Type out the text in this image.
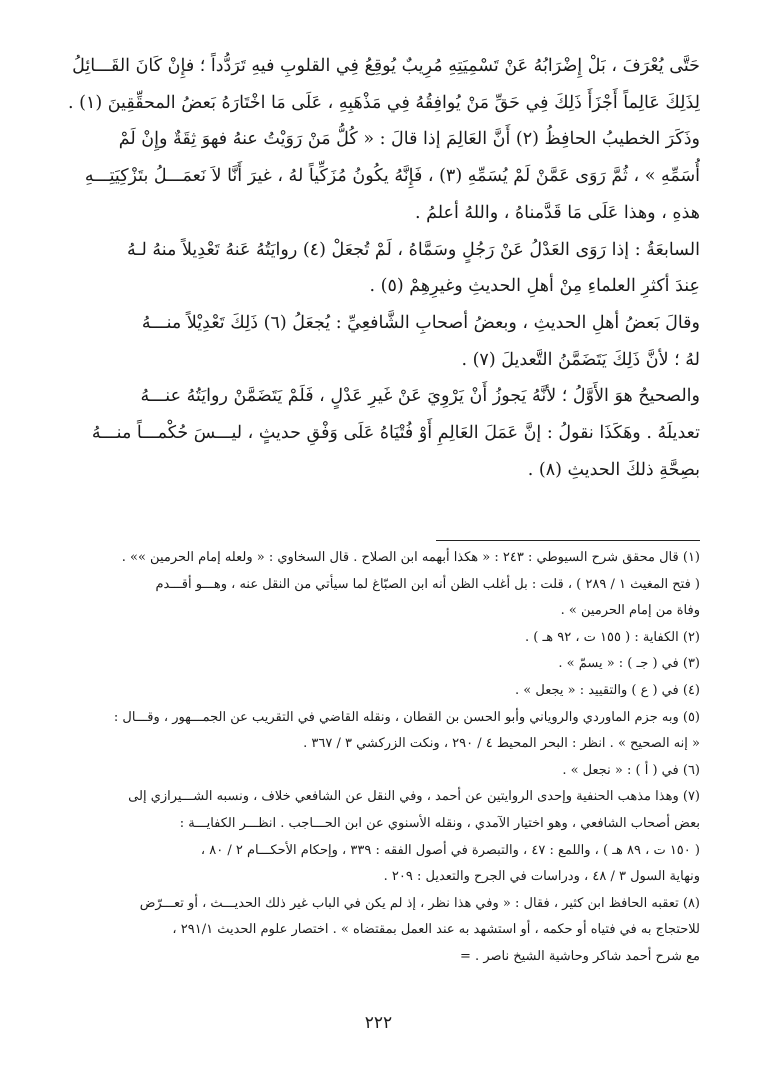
حَتَّى يُعْرَفَ ، بَلْ إِضْرَابُهُ عَنْ تَسْمِيَتِهِ مُرِيبٌ يُوقِعُ فِي القلوبِ فيهِ تَرَدُّداً ؛ فإِنْ كَانَ القَـــائِلُ
لِذَلِكَ عَالِماً أَجْزَأَ ذَلِكَ فِي حَقِّ مَنْ يُوافِقُهُ فِي مَذْهَبِهِ ، عَلَى مَا اخْتَارَهُ بَعضُ المحقِّقِينَ (١) .
وذَكَرَ الخطيبُ الحافِظُ (٢) أَنَّ العَالِمَ إذا قالَ : « كُلُّ مَنْ رَوَيْتُ عنهُ فهوَ ثِقَةٌ وإِنْ لَمْ
أُسَمِّهِ » ، ثُمَّ رَوَى عَمَّنْ لَمْ يُسَمِّهِ (٣) ، فَإِنَّهُ يكُونُ مُزَكِّياً لهُ ، غيرَ أَنَّا لاَ نَعمَـــلُ بتَزْكِيَتِـــهِ
هذهِ ، وهذا عَلَى مَا قَدَّمناهُ ، واللهُ أعلمُ .
السابعَةُ : إذا رَوَى العَدْلُ عَنْ رَجُلٍ وسَمَّاهُ ، لَمْ تُجعَلْ (٤) روايَتُهُ عَنهُ تَعْدِيلاً منهُ لـهُ
عِندَ أكثرِ العلماءِ مِنْ أهلِ الحديثِ وغيرِهِمْ (٥) .
وقالَ بَعضُ أهلِ الحديثِ ، وبعضُ أصحابِ الشَّافعِيِّ : يُجعَلُ (٦) ذَلِكَ تَعْدِيْلاً منـــهُ
لهُ ؛ لأنَّ ذَلِكَ يَتَضَمَّنُ التَّعديلَ (٧) .
والصحيحُ هوَ الأَوَّلُ ؛ لأنَّهُ يَجوزُ أَنْ يَرْوِيَ عَنْ غَيرِ عَدْلٍ ، فَلَمْ يَتَضَمَّنْ روايَتُهُ عنـــهُ
تعديلَهُ . وهَكَذَا نقولُ : إنَّ عَمَلَ العَالِمِ أَوْ فُتْيَاهُ عَلَى وَفْقِ حديثٍ ، ليـــسَ حُكْمـــاً منـــهُ
بصِحَّةِ ذلكَ الحديثِ (٨) .
(١) قال محقق شرح السيوطي : ٢٤٣ : « هكذا أبهمه ابن الصلاح . قال السخاوي : « ولعله إمام الحرمين »» .
( فتح المغيث ١ / ٢٨٩ ) ، قلت : بل أغلب الظن أنه ابن الصبّاغ لما سيأتي من النقل عنه ، وهـــو أقـــدم
وفاة من إمام الحرمين » .
(٢) الكفاية : ( ١٥٥ ت ، ٩٢ هـ ) .
(٣) في ( جـ ) : « يسمّ » .
(٤) في ( ع ) والتقييد : « يجعل » .
(٥) وبه جزم الماوردي والروياني وأبو الحسن بن القطان ، ونقله القاضي في التقريب عن الجمـــهور ، وقـــال :
« إنه الصحيح » . انظر : البحر المحيط ٤ / ٢٩٠ ، ونكت الزركشي ٣ / ٣٦٧ .
(٦) في ( أ ) : « نجعل » .
(٧) وهذا مذهب الحنفية وإحدى الروايتين عن أحمد ، وفي النقل عن الشافعي خلاف ، ونسبه الشـــيرازي إلى
بعض أصحاب الشافعي ، وهو اختيار الآمدي ، ونقله الأسنوي عن ابن الحـــاجب . انظـــر الكفايـــة :
( ١٥٠ ت ، ٨٩ هـ ) ، واللمع : ٤٧ ، والتبصرة في أصول الفقه : ٣٣٩ ، وإحكام الأحكـــام ٢ / ٨٠ ،
ونهاية السول ٣ / ٤٨ ، ودراسات في الجرح والتعديل : ٢٠٩ .
(٨) تعقبه الحافظ ابن كثير ، فقال : « وفي هذا نظر ، إذ لم يكن في الباب غير ذلك الحديـــث ، أو تعـــرّض
للاحتجاج به في فتياه أو حكمه ، أو استشهد به عند العمل بمقتضاه » . اختصار علوم الحديث ٢٩١/١ ،
مع شرح أحمد شاكر وحاشية الشيخ ناصر . =
٢٢٢
